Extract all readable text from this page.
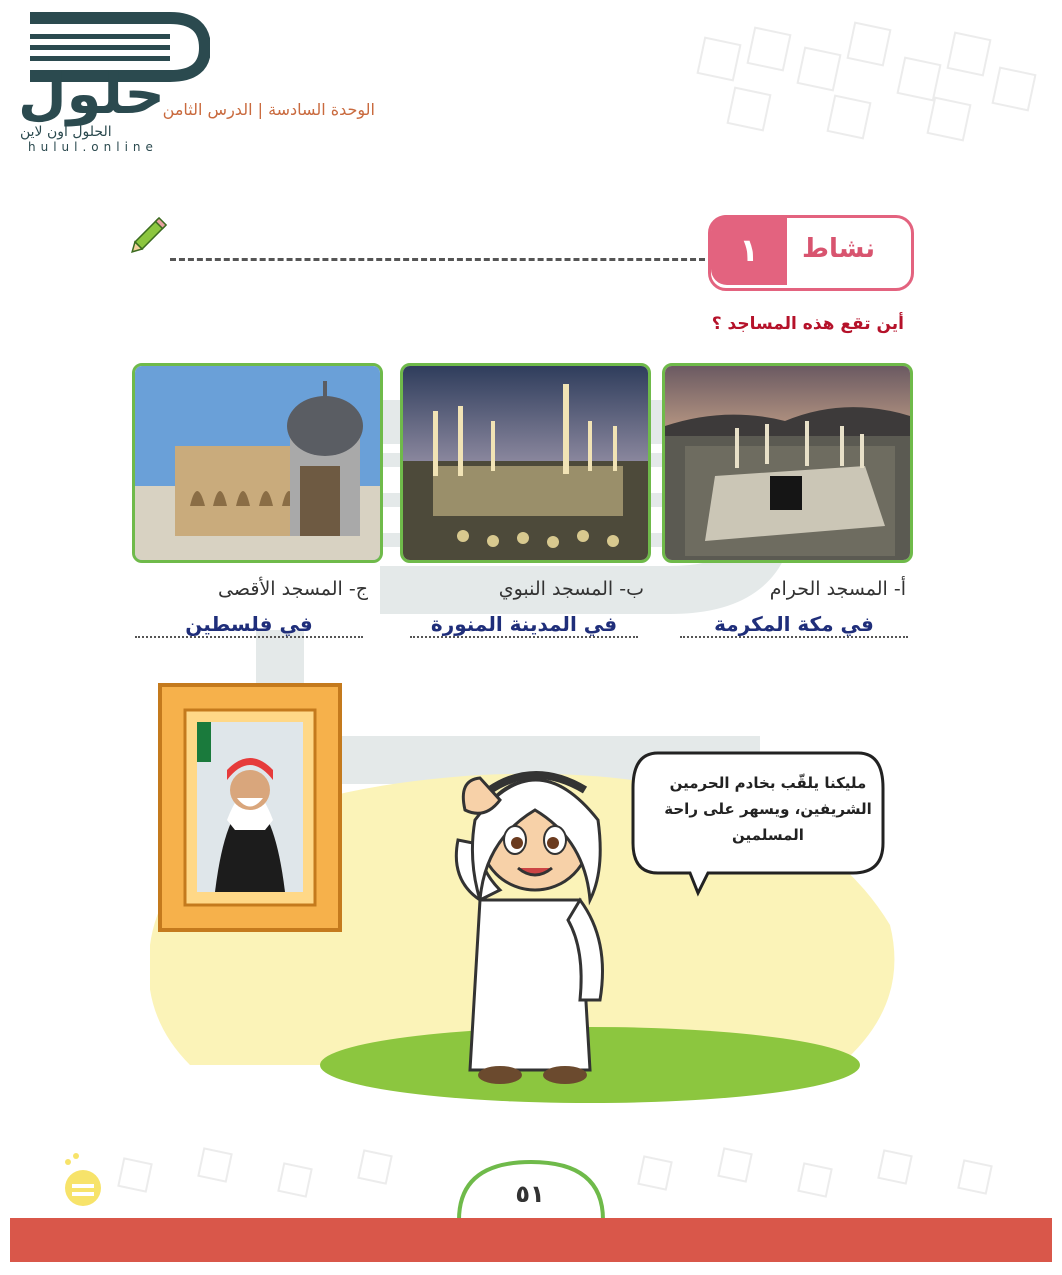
حلول
الحلول اون لاين
hulul.online
الوحدة السادسة | الدرس الثامن
نشاط
١
أين تقع هذه المساجد ؟
أ- المسجد الحرام
ب- المسجد النبوي
ج- المسجد الأقصى
في مكة المكرمة
في المدينة المنورة
في فلسطين
مليكنا يلقّب بخادم الحرمين الشريفين، ويسهر على راحة المسلمين
٥١
